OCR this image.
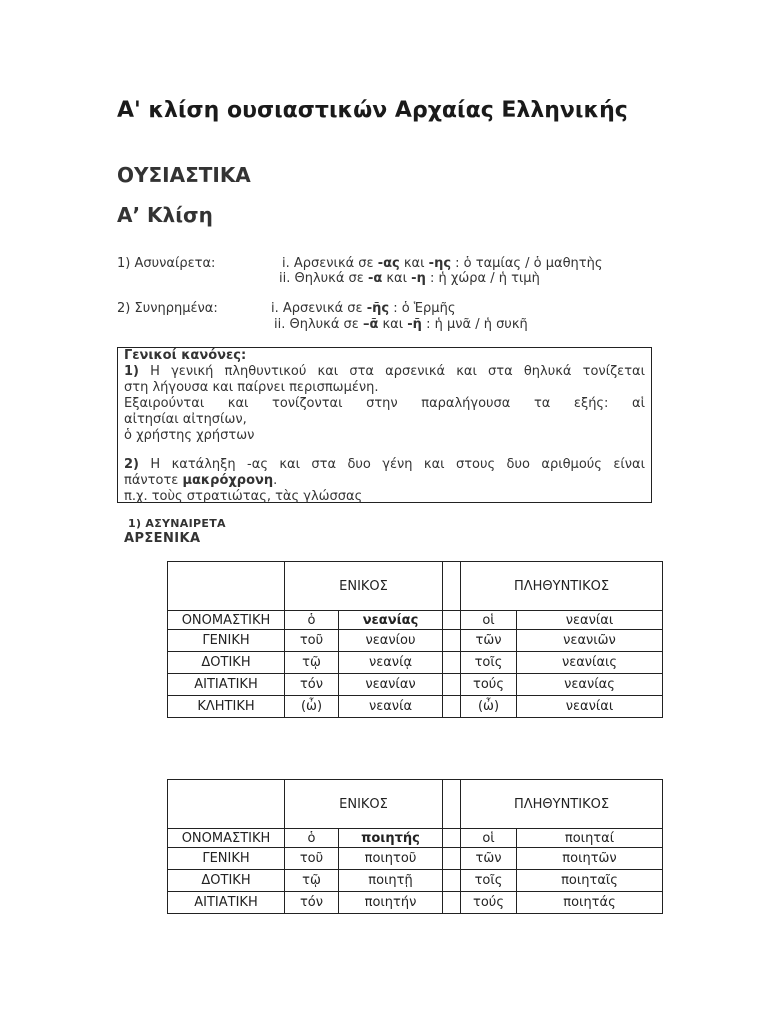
Α' κλίση ουσιαστικών Αρχαίας Ελληνικής
ΟΥΣΙΑΣΤΙΚΑ
Α’ Κλίση
1) Ασυναίρετα:	i. Αρσενικά σε -ας και -ης : ὁ ταμίας / ὁ μαθητὴς
ii. Θηλυκά σε -α και -η : ἡ χώρα / ἡ τιμὴ
2) Συνηρημένα:	i. Αρσενικά σε -ῆς : ὁ Ἑρμῆς
ii. Θηλυκά σε –ᾶ και -ῆ : ἡ μνᾶ / ἡ συκῆ
Γενικοί κανόνες:
1) Η γενική πληθυντικού και στα αρσενικά και στα θηλυκά τονίζεται
στη λήγουσα και παίρνει περισπωμένη.
Εξαιρούνται και τονίζονται στην παραλήγουσα τα εξής: αἱ
αἰτησίαι αἰτησίων,
ὁ χρήστης χρήστων
2) Η κατάληξη -ας και στα δυο γένη και στους δυο αριθμούς είναι
πάντοτε μακρόχρονη.
π.χ. τοὺς στρατιώτας, τὰς γλώσσας
1) ΑΣΥΝΑΙΡΕΤΑ
ΑΡΣΕΝΙΚΑ
	ΕΝΙΚΟΣ			ΠΛΗΘΥΝΤΙΚΟΣ	
ΟΝΟΜΑΣΤΙΚΗ	ὁ	νεανίας		οἱ	νεανίαι
ΓΕΝΙΚΗ	τοῦ	νεανίου		τῶν	νεανιῶν
ΔΟΤΙΚΗ	τῷ	νεανίᾳ		τοῖς	νεανίαις
ΑΙΤΙΑΤΙΚΗ	τόν	νεανίαν		τούς	νεανίας
ΚΛΗΤΙΚΗ	(ὦ)	νεανία		(ὦ)	νεανίαι
	ΕΝΙΚΟΣ			ΠΛΗΘΥΝΤΙΚΟΣ	
ΟΝΟΜΑΣΤΙΚΗ	ὁ	ποιητής		οἱ	ποιηταί
ΓΕΝΙΚΗ	τοῦ	ποιητοῦ		τῶν	ποιητῶν
ΔΟΤΙΚΗ	τῷ	ποιητῇ		τοῖς	ποιηταῖς
ΑΙΤΙΑΤΙΚΗ	τόν	ποιητήν		τούς	ποιητάς
